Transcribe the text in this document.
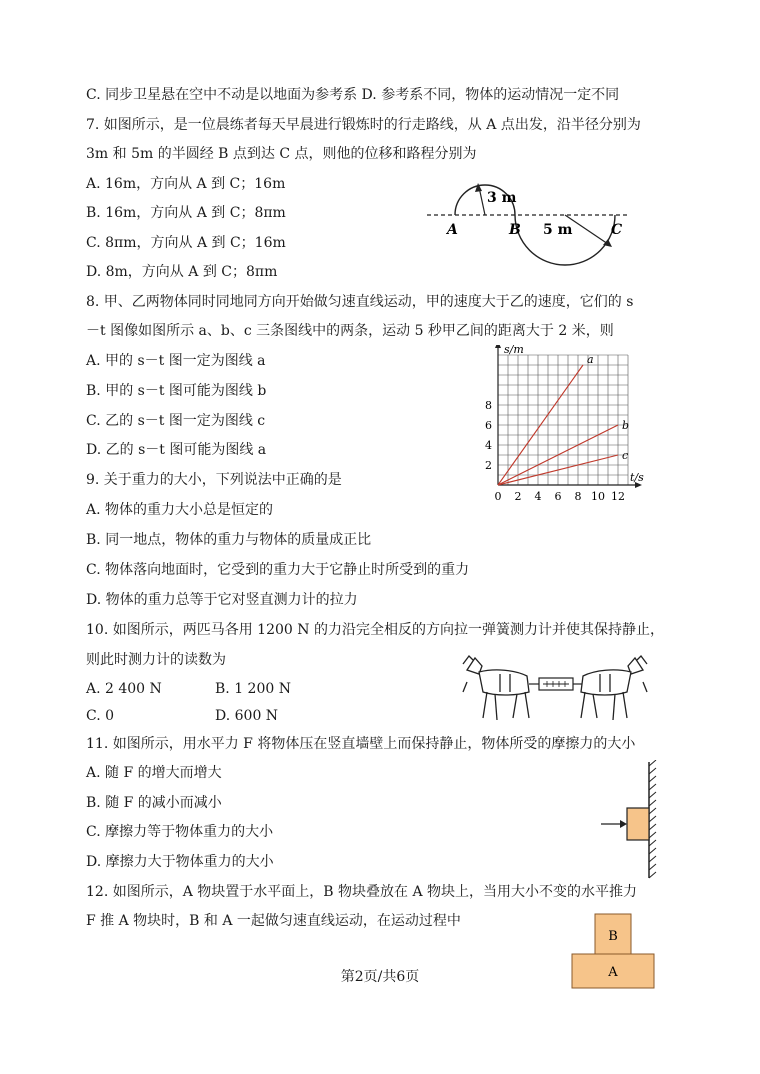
C. 同步卫星悬在空中不动是以地面为参考系 D. 参考系不同，物体的运动情况一定不同
7. 如图所示，是一位晨练者每天早晨进行锻炼时的行走路线，从 A 点出发，沿半径分别为
3m 和 5m 的半圆经 B 点到达 C 点，则他的位移和路程分别为
A. 16m，方向从 A 到 C；16m
B. 16m，方向从 A 到 C；8πm
C. 8πm，方向从 A 到 C；16m
D. 8m，方向从 A 到 C；8πm
8. 甲、乙两物体同时同地同方向开始做匀速直线运动，甲的速度大于乙的速度，它们的 s
－t 图像如图所示 a、b、c 三条图线中的两条，运动 5 秒甲乙间的距离大于 2 米，则
A. 甲的 s－t 图一定为图线 a
B. 甲的 s－t 图可能为图线 b
C. 乙的 s－t 图一定为图线 c
D. 乙的 s－t 图可能为图线 a
9. 关于重力的大小，下列说法中正确的是
A. 物体的重力大小总是恒定的
B. 同一地点，物体的重力与物体的质量成正比
C. 物体落向地面时，它受到的重力大于它静止时所受到的重力
D. 物体的重力总等于它对竖直测力计的拉力
10. 如图所示，两匹马各用 1200 N 的力沿完全相反的方向拉一弹簧测力计并使其保持静止，
则此时测力计的读数为
A. 2 400 N	B. 1 200 N
C. 0	D. 600 N
11. 如图所示，用水平力 F 将物体压在竖直墙壁上而保持静止，物体所受的摩擦力的大小
A. 随 F 的增大而增大
B. 随 F 的减小而减小
C. 摩擦力等于物体重力的大小
D. 摩擦力大于物体重力的大小
12. 如图所示，A 物块置于水平面上，B 物块叠放在 A 物块上，当用大小不变的水平推力
F 推 A 物块时，B 和 A 一起做匀速直线运动，在运动过程中
3 m
5 m
A	B	C
0 2 4 6 8 10 12
2
4
6
8
s/m
t/s
a
b
c
B
A
第2页/共6页
